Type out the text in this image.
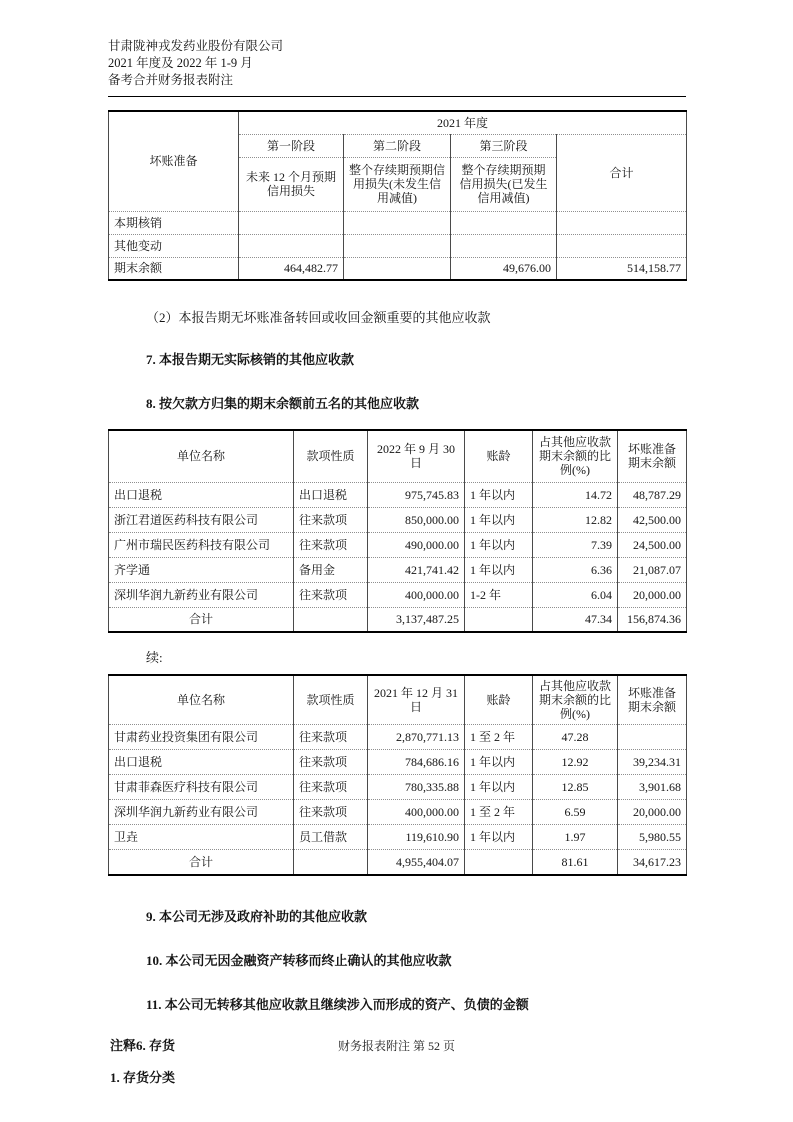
甘肃陇神戎发药业股份有限公司
2021 年度及 2022 年 1-9 月
备考合并财务报表附注
坏账准备	2021 年度			
	第一阶段	第二阶段	第三阶段	合计
	未来 12 个月预期信用损失	整个存续期预期信用损失(未发生信用减值)	整个存续期预期信用损失(已发生信用减值)	
本期核销				
其他变动				
期末余额	464,482.77		49,676.00	514,158.77
（2）本报告期无坏账准备转回或收回金额重要的其他应收款
7. 本报告期无实际核销的其他应收款
8. 按欠款方归集的期末余额前五名的其他应收款
单位名称	款项性质	2022 年 9 月 30 日	账龄	占其他应收款期末余额的比例(%)	坏账准备期末余额
出口退税	出口退税	975,745.83	1 年以内	14.72	48,787.29
浙江君道医药科技有限公司	往来款项	850,000.00	1 年以内	12.82	42,500.00
广州市瑞民医药科技有限公司	往来款项	490,000.00	1 年以内	7.39	24,500.00
齐学通	备用金	421,741.42	1 年以内	6.36	21,087.07
深圳华润九新药业有限公司	往来款项	400,000.00	1-2 年	6.04	20,000.00
合计		3,137,487.25		47.34	156,874.36
续:
单位名称	款项性质	2021 年 12 月 31 日	账龄	占其他应收款期末余额的比例(%)	坏账准备期末余额
甘肃药业投资集团有限公司	往来款项	2,870,771.13	1 至 2 年	47.28	
出口退税	往来款项	784,686.16	1 年以内	12.92	39,234.31
甘肃菲森医疗科技有限公司	往来款项	780,335.88	1 年以内	12.85	3,901.68
深圳华润九新药业有限公司	往来款项	400,000.00	1 至 2 年	6.59	20,000.00
卫垚	员工借款	119,610.90	1 年以内	1.97	5,980.55
合计		4,955,404.07		81.61	34,617.23
9. 本公司无涉及政府补助的其他应收款
10. 本公司无因金融资产转移而终止确认的其他应收款
11. 本公司无转移其他应收款且继续涉入而形成的资产、负债的金额
注释6. 存货
1. 存货分类
财务报表附注 第 52 页
